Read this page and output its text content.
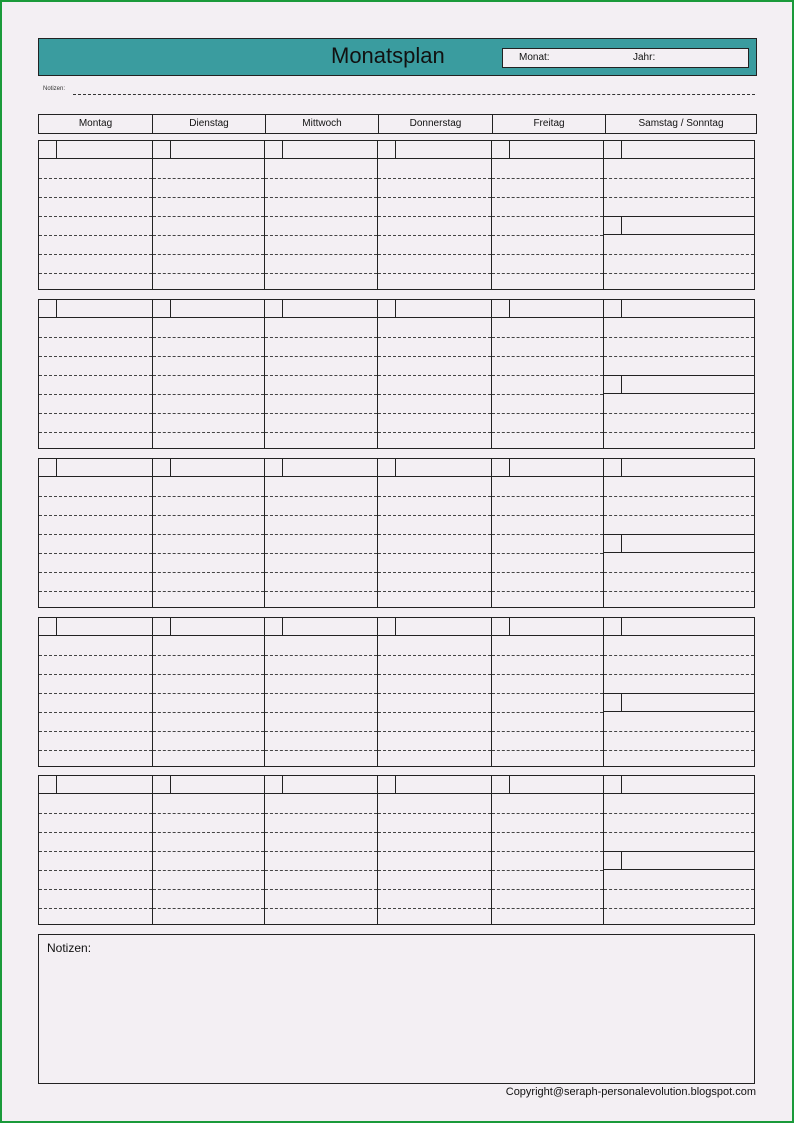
Monatsplan	Monat:	Jahr:
Notizen:
Montag	Dienstag	Mittwoch	Donnerstag	Freitag	Samstag / Sonntag
Notizen:
Copyright@seraph-personalevolution.blogspot.com
